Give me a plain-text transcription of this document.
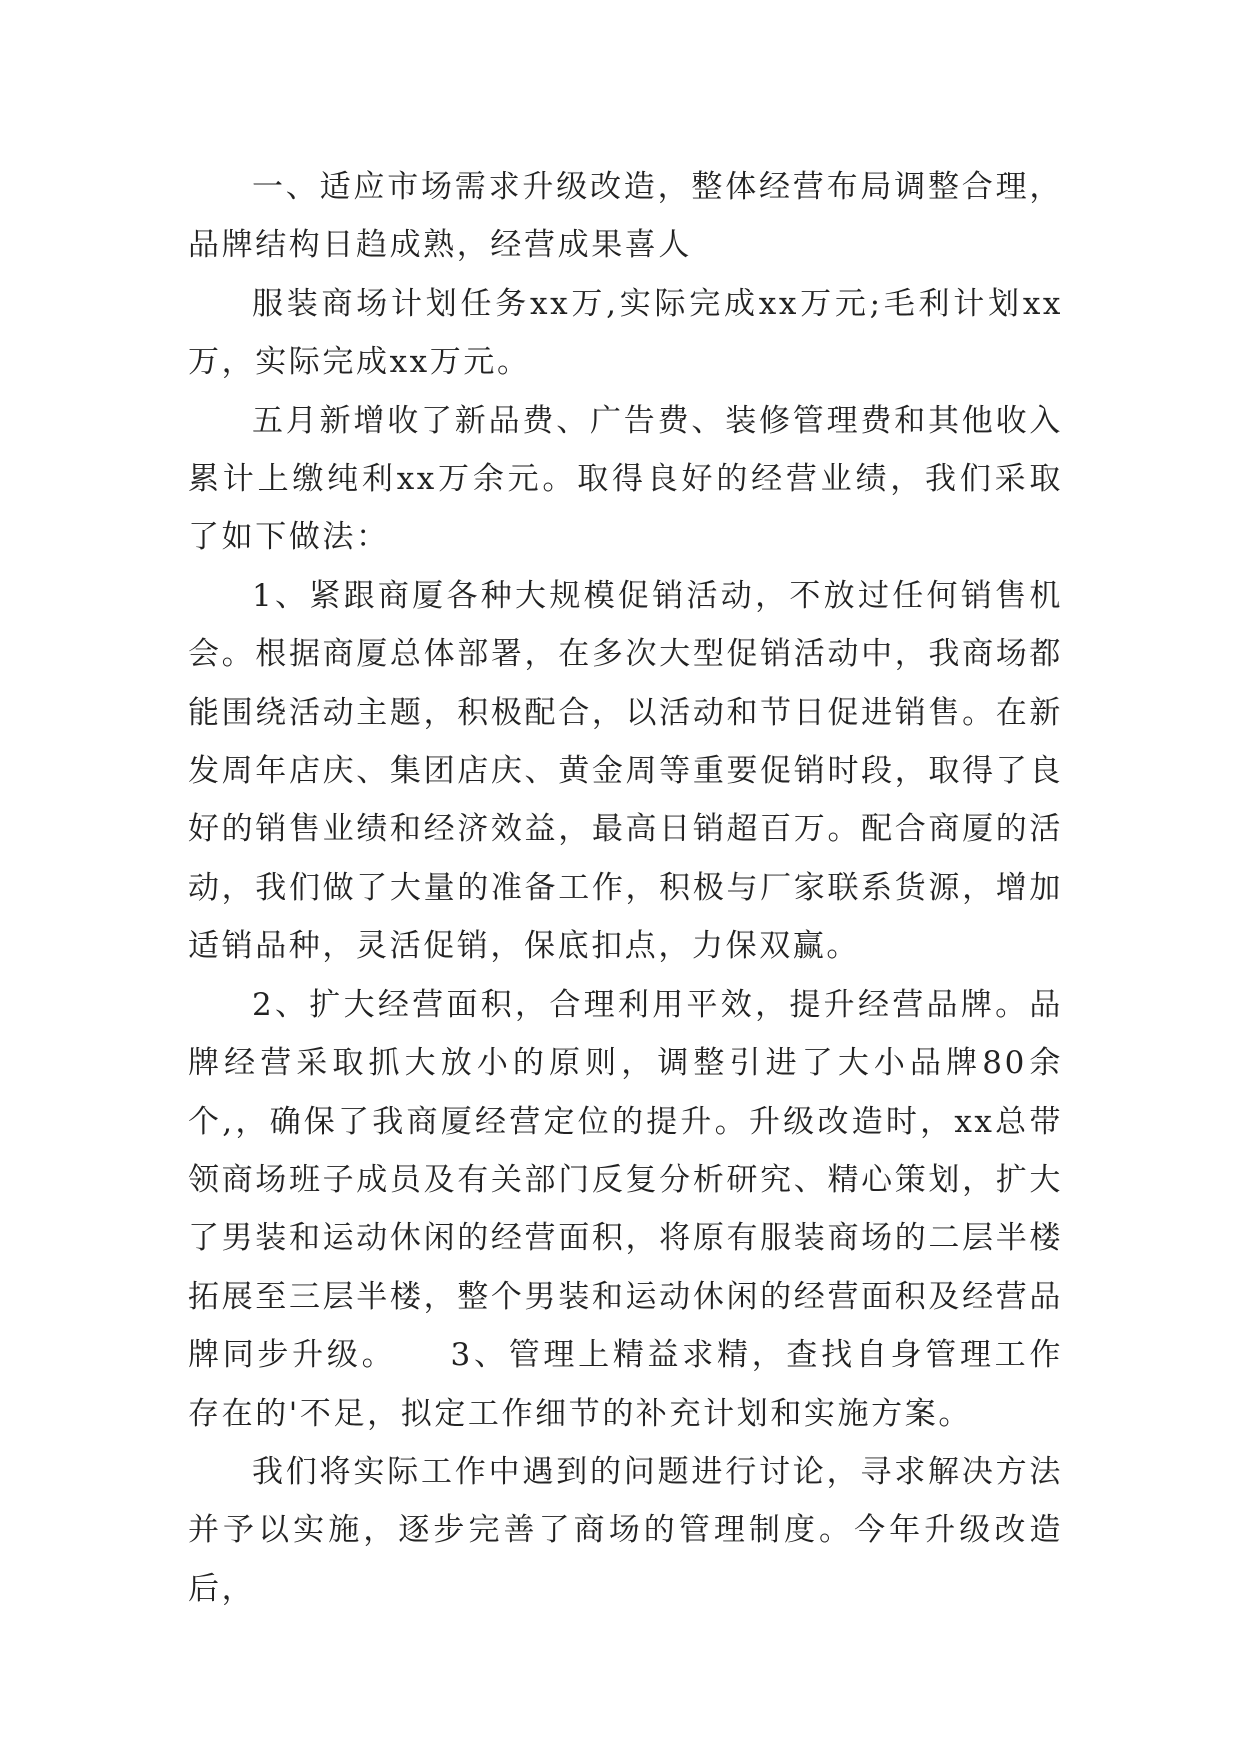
一、适应市场需求升级改造，整体经营布局调整合理，品牌结构日趋成熟，经营成果喜人

服装商场计划任务xx万,实际完成xx万元;毛利计划xx万，实际完成xx万元。

五月新增收了新品费、广告费、装修管理费和其他收入累计上缴纯利xx万余元。取得良好的经营业绩，我们采取了如下做法：

1、紧跟商厦各种大规模促销活动，不放过任何销售机会。根据商厦总体部署，在多次大型促销活动中，我商场都能围绕活动主题，积极配合，以活动和节日促进销售。在新发周年店庆、集团店庆、黄金周等重要促销时段，取得了良好的销售业绩和经济效益，最高日销超百万。配合商厦的活动，我们做了大量的准备工作，积极与厂家联系货源，增加适销品种，灵活促销，保底扣点，力保双赢。

2、扩大经营面积，合理利用平效，提升经营品牌。品牌经营采取抓大放小的原则，调整引进了大小品牌80余个,，确保了我商厦经营定位的提升。升级改造时，xx总带领商场班子成员及有关部门反复分析研究、精心策划，扩大了男装和运动休闲的经营面积，将原有服装商场的二层半楼拓展至三层半楼，整个男装和运动休闲的经营面积及经营品牌同步升级。    3、管理上精益求精，查找自身管理工作存在的'不足，拟定工作细节的补充计划和实施方案。

我们将实际工作中遇到的问题进行讨论，寻求解决方法并予以实施，逐步完善了商场的管理制度。今年升级改造后，
